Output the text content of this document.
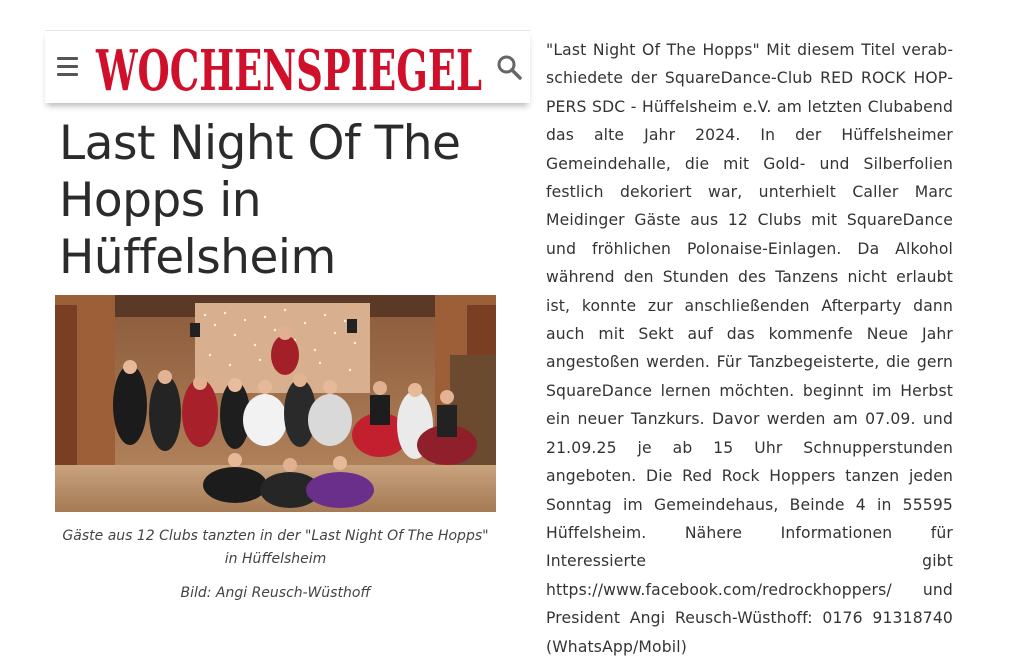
WOCHENSPIEGEL
Last Night Of The Hopps in Hüffelsheim
Gäste aus 12 Clubs tanzten in der "Last Night Of The Hopps" in Hüffelsheim
Bild: Angi Reusch-Wüsthoff

"Last Night Of The Hopps" Mit diesem Titel verabschiedete der SquareDance-Club RED ROCK HOPPERS SDC - Hüffelsheim e.V. am letzten Clubabend das alte Jahr 2024. In der Hüffelsheimer Gemeindehalle, die mit Gold- und Silberfolien festlich dekoriert war, unterhielt Caller Marc Meidinger Gäste aus 12 Clubs mit SquareDance und fröhlichen Polonaise-Einlagen. Da Alkohol während den Stunden des Tanzens nicht erlaubt ist, konnte zur anschließenden Afterparty dann auch mit Sekt auf das kommenfe Neue Jahr angestoßen werden. Für Tanzbegeisterte, die gern SquareDance lernen möchten. beginnt im Herbst ein neuer Tanzkurs. Davor werden am 07.09. und 21.09.25 je ab 15 Uhr Schnupperstunden angeboten. Die Red Rock Hoppers tanzen jeden Sonntag im Gemeindehaus, Beinde 4 in 55595 Hüffelsheim. Nähere Informationen für Interessierte gibt https://www.facebook.com/redrockhoppers/ und President Angi Reusch-Wüsthoff: 0176 91318740 (WhatsApp/Mobil)
